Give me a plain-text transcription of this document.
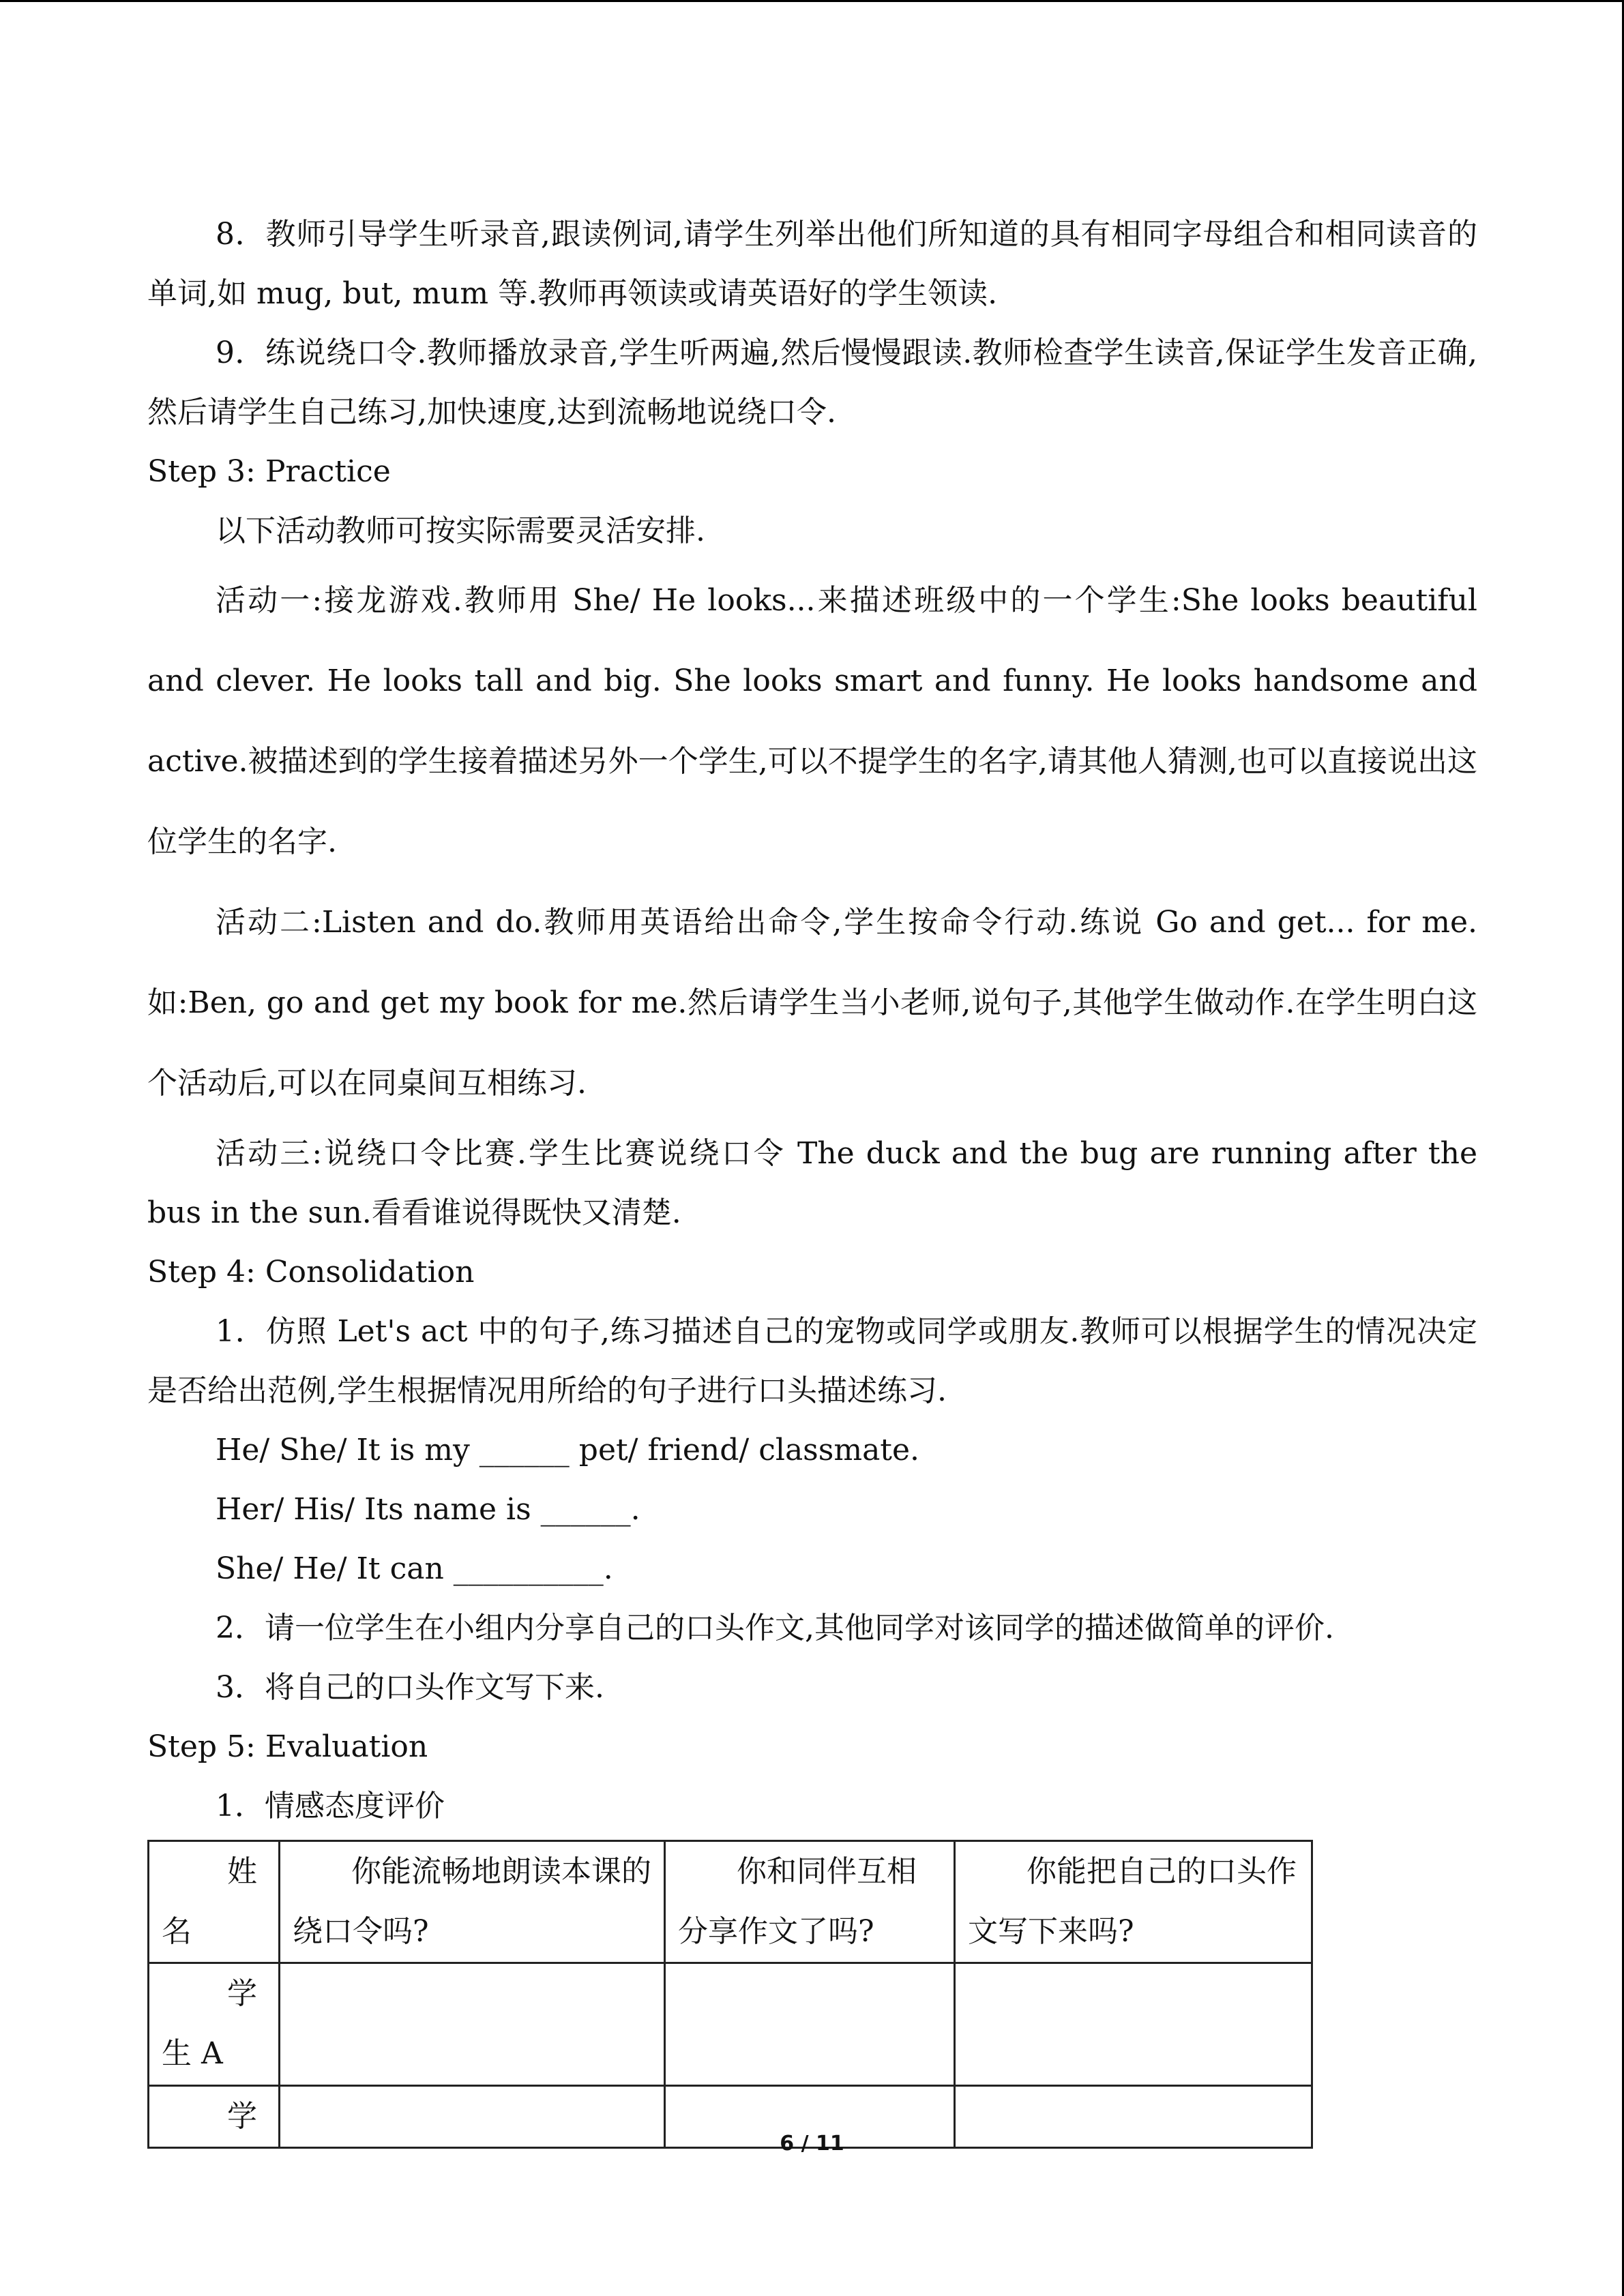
8．教师引导学生听录音,跟读例词,请学生列举出他们所知道的具有相同字母组合和相同读音的单词,如 mug, but, mum 等.教师再领读或请英语好的学生领读.

9．练说绕口令.教师播放录音,学生听两遍,然后慢慢跟读.教师检查学生读音,保证学生发音正确,然后请学生自己练习,加快速度,达到流畅地说绕口令.

Step 3: Practice

以下活动教师可按实际需要灵活安排.

活动一:接龙游戏.教师用 She/ He looks...来描述班级中的一个学生:She looks beautiful and clever. He looks tall and big. She looks smart and funny. He looks handsome and active.被描述到的学生接着描述另外一个学生,可以不提学生的名字,请其他人猜测,也可以直接说出这位学生的名字.

活动二:Listen and do.教师用英语给出命令,学生按命令行动.练说 Go and get... for me.如:Ben, go and get my book for me.然后请学生当小老师,说句子,其他学生做动作.在学生明白这个活动后,可以在同桌间互相练习.

活动三:说绕口令比赛.学生比赛说绕口令 The duck and the bug are running after the bus in the sun.看看谁说得既快又清楚.

Step 4: Consolidation

1．仿照 Let's act 中的句子,练习描述自己的宠物或同学或朋友.教师可以根据学生的情况决定是否给出范例,学生根据情况用所给的句子进行口头描述练习.

He/ She/ It is my ______ pet/ friend/ classmate.

Her/ His/ Its name is ______.

She/ He/ It can __________.

2．请一位学生在小组内分享自己的口头作文,其他同学对该同学的描述做简单的评价.

3．将自己的口头作文写下来.

Step 5: Evaluation

1．情感态度评价

姓名	你能流畅地朗读本课的绕口令吗?	你和同伴互相分享作文了吗?	你能把自己的口头作文写下来吗?
学生 A			
学			
6 / 11
